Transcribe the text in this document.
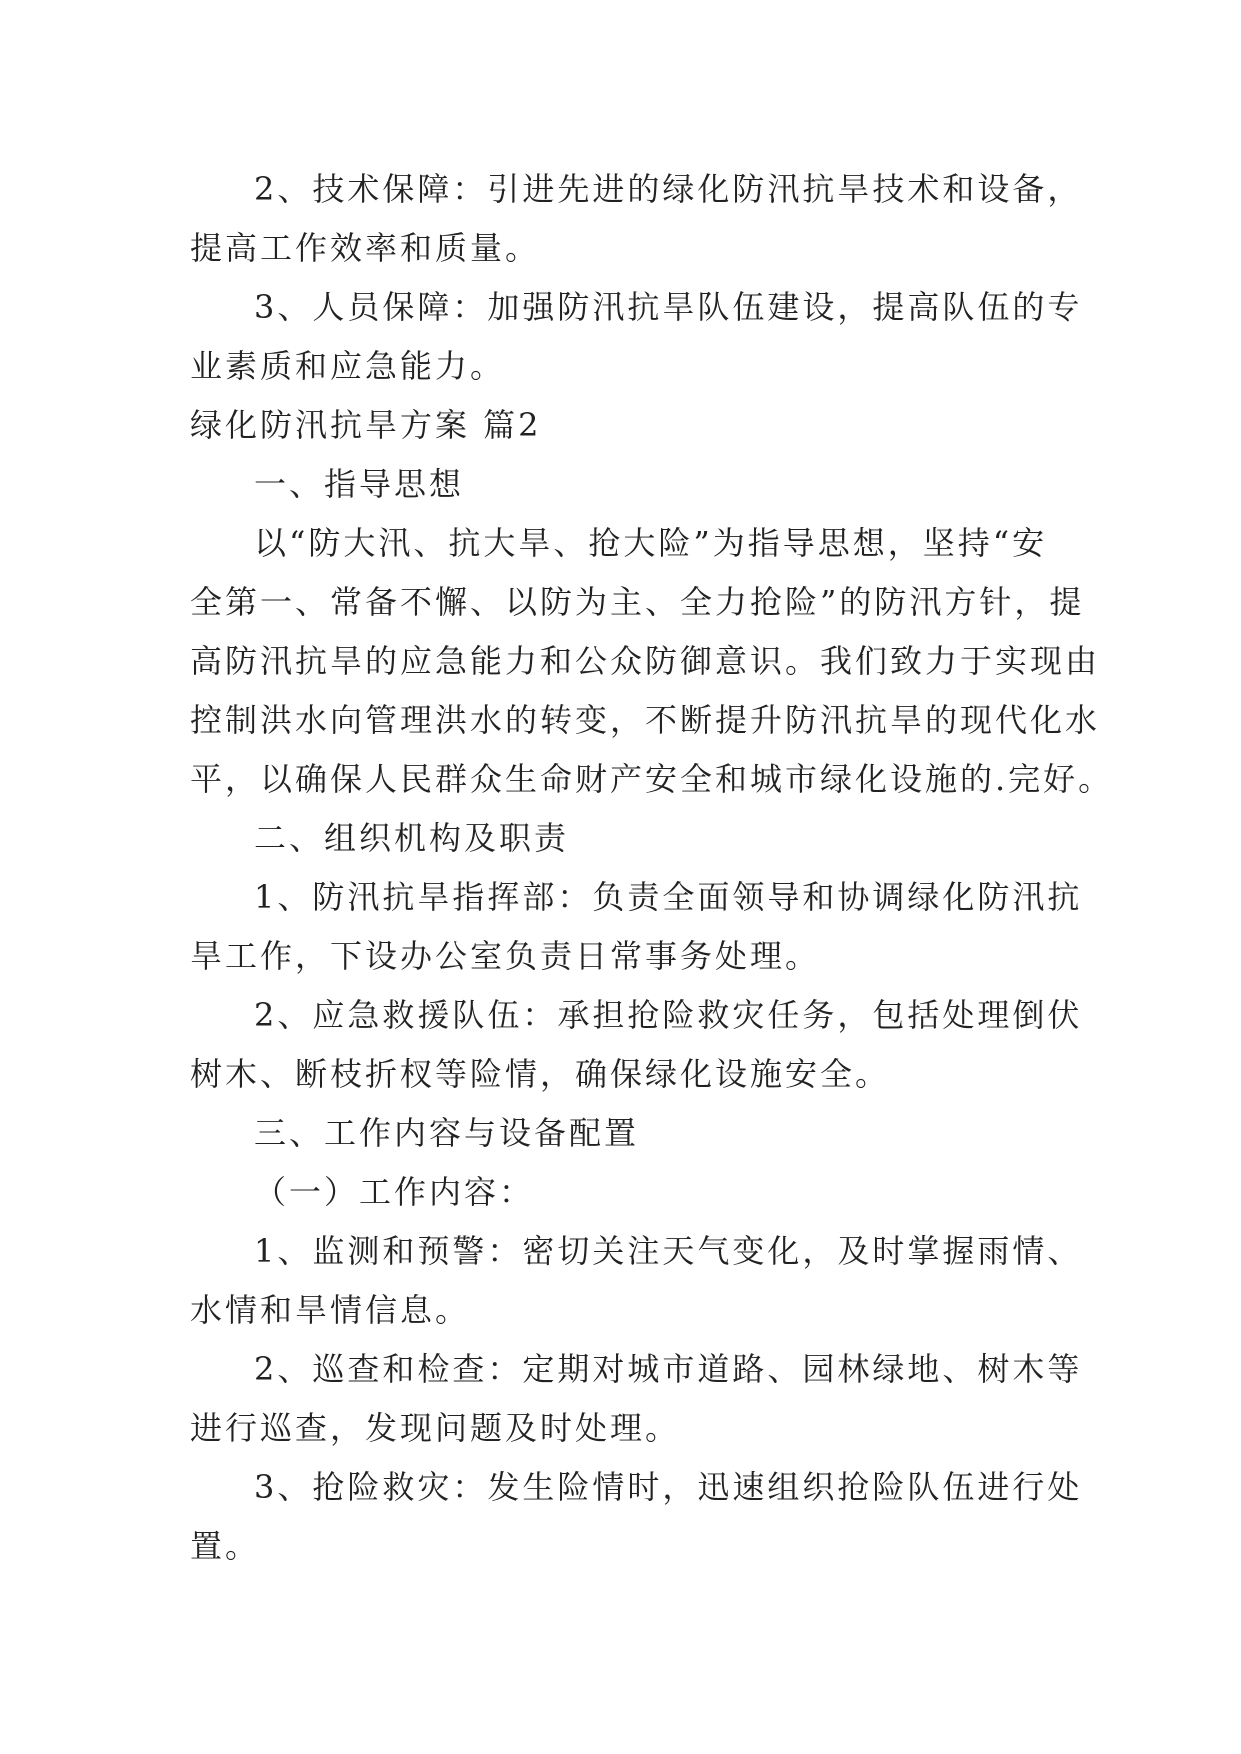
2、技术保障：引进先进的绿化防汛抗旱技术和设备，
提高工作效率和质量。
3、人员保障：加强防汛抗旱队伍建设，提高队伍的专
业素质和应急能力。
绿化防汛抗旱方案 篇2
一、指导思想
以“防大汛、抗大旱、抢大险”为指导思想，坚持“安
全第一、常备不懈、以防为主、全力抢险”的防汛方针，提
高防汛抗旱的应急能力和公众防御意识。我们致力于实现由
控制洪水向管理洪水的转变，不断提升防汛抗旱的现代化水
平，以确保人民群众生命财产安全和城市绿化设施的.完好。
二、组织机构及职责
1、防汛抗旱指挥部：负责全面领导和协调绿化防汛抗
旱工作，下设办公室负责日常事务处理。
2、应急救援队伍：承担抢险救灾任务，包括处理倒伏
树木、断枝折杈等险情，确保绿化设施安全。
三、工作内容与设备配置
（一）工作内容：
1、监测和预警：密切关注天气变化，及时掌握雨情、
水情和旱情信息。
2、巡查和检查：定期对城市道路、园林绿地、树木等
进行巡查，发现问题及时处理。
3、抢险救灾：发生险情时，迅速组织抢险队伍进行处
置。
